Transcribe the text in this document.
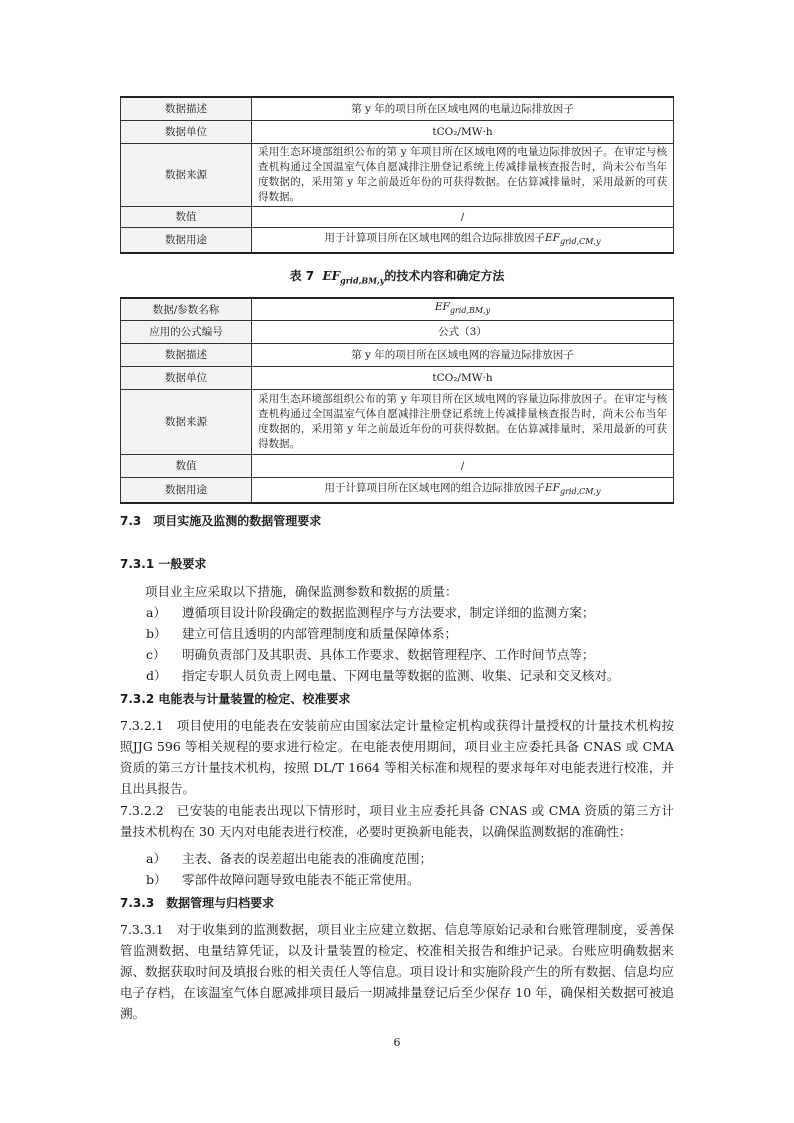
数据描述	第 y 年的项目所在区域电网的电量边际排放因子
数据单位	tCO₂/MW·h
数据来源	采用生态环境部组织公布的第 y 年项目所在区域电网的电量边际排放因子。在审定与核查机构通过全国温室气体自愿减排注册登记系统上传减排量核查报告时，尚未公布当年度数据的，采用第 y 年之前最近年份的可获得数据。在估算减排量时，采用最新的可获得数据。
数值	/
数据用途	用于计算项目所在区域电网的组合边际排放因子$EF_{grid,CM,y}$
表 7 $EF_{grid,BM,y}$的技术内容和确定方法
数据/参数名称	$EF_{grid,BM,y}$
应用的公式编号	公式（3）
数据描述	第 y 年的项目所在区域电网的容量边际排放因子
数据单位	tCO₂/MW·h
数据来源	采用生态环境部组织公布的第 y 年项目所在区域电网的容量边际排放因子。在审定与核查机构通过全国温室气体自愿减排注册登记系统上传减排量核查报告时，尚未公布当年度数据的，采用第 y 年之前最近年份的可获得数据。在估算减排量时，采用最新的可获得数据。
数值	/
数据用途	用于计算项目所在区域电网的组合边际排放因子$EF_{grid,CM,y}$
7.3　项目实施及监测的数据管理要求
7.3.1 一般要求

项目业主应采取以下措施，确保监测参数和数据的质量：

a） 遵循项目设计阶段确定的数据监测程序与方法要求，制定详细的监测方案；
b） 建立可信且透明的内部管理制度和质量保障体系；
c） 明确负责部门及其职责、具体工作要求、数据管理程序、工作时间节点等；
d） 指定专职人员负责上网电量、下网电量等数据的监测、收集、记录和交叉核对。
7.3.2 电能表与计量装置的检定、校准要求

7.3.2.1　 项目使用的电能表在安装前应由国家法定计量检定机构或获得计量授权的计量技术机构按照JJG 596 等相关规程的要求进行检定。在电能表使用期间，项目业主应委托具备 CNAS 或 CMA 资质的第三方计量技术机构，按照 DL/T 1664 等相关标准和规程的要求每年对电能表进行校准，并且出具报告。

7.3.2.2　 已安装的电能表出现以下情形时，项目业主应委托具备 CNAS 或 CMA 资质的第三方计量技术机构在 30 天内对电能表进行校准，必要时更换新电能表，以确保监测数据的准确性：

a） 主表、备表的误差超出电能表的准确度范围；
b） 零部件故障问题导致电能表不能正常使用。
7.3.3　数据管理与归档要求

7.3.3.1　 对于收集到的监测数据，项目业主应建立数据、信息等原始记录和台账管理制度，妥善保管监测数据、电量结算凭证，以及计量装置的检定、校准相关报告和维护记录。台账应明确数据来源、数据获取时间及填报台账的相关责任人等信息。项目设计和实施阶段产生的所有数据、信息均应电子存档，在该温室气体自愿减排项目最后一期减排量登记后至少保存 10 年，确保相关数据可被追溯。

6
